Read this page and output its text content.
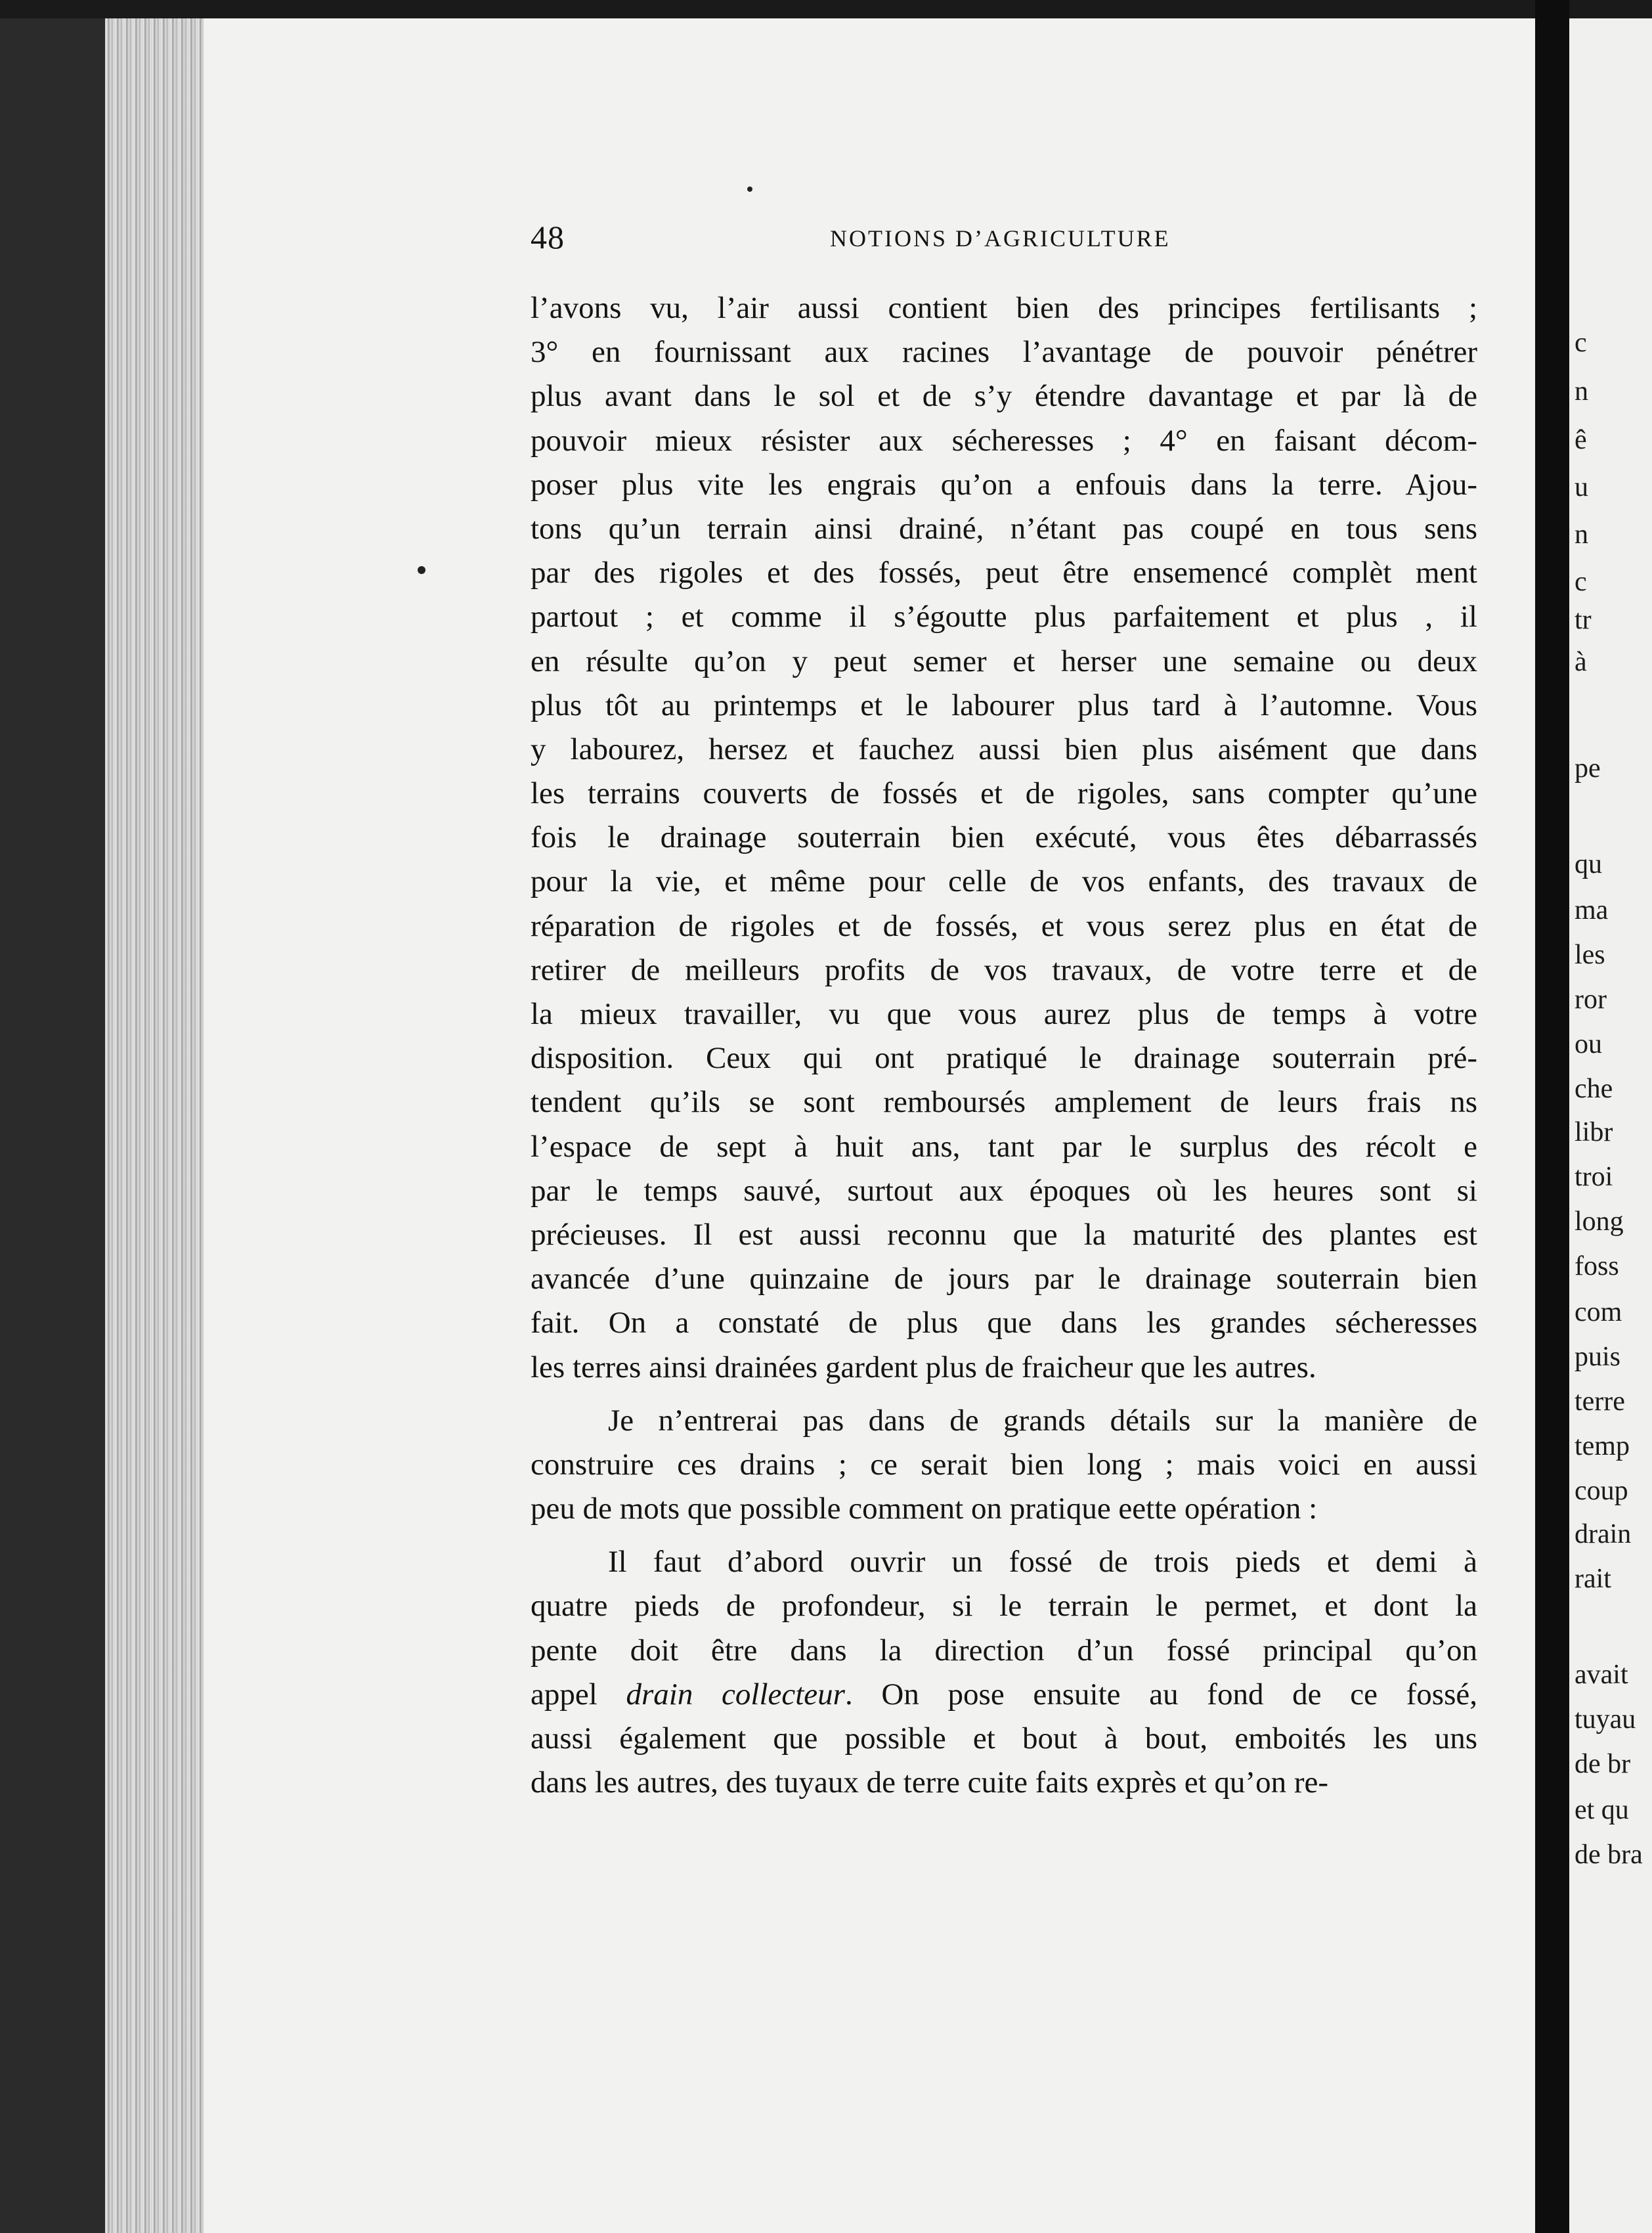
48	NOTIONS D’AGRICULTURE
l’avons vu, l’air aussi contient bien des principes fertilisants ;
3° en fournissant aux racines l’avantage de pouvoir pénétrer
plus avant dans le sol et de s’y étendre davantage et par là de
pouvoir mieux résister aux sécheresses ; 4° en faisant décom-
poser plus vite les engrais qu’on a enfouis dans la terre. Ajou-
tons qu’un terrain ainsi drainé, n’étant pas coupé en tous sens
par des rigoles et des fossés, peut être ensemencé complèt ment
partout ; et comme il s’égoutte plus parfaitement et plus , il
en résulte qu’on y peut semer et herser une semaine ou deux
plus tôt au printemps et le labourer plus tard à l’automne. Vous
y labourez, hersez et fauchez aussi bien plus aisément que dans
les terrains couverts de fossés et de rigoles, sans compter qu’une
fois le drainage souterrain bien exécuté, vous êtes débarrassés
pour la vie, et même pour celle de vos enfants, des travaux de
réparation de rigoles et de fossés, et vous serez plus en état de
retirer de meilleurs profits de vos travaux, de votre terre et de
la mieux travailler, vu que vous aurez plus de temps à votre
disposition. Ceux qui ont pratiqué le drainage souterrain pré-
tendent qu’ils se sont remboursés amplement de leurs frais ns
l’espace de sept à huit ans, tant par le surplus des récolt e
par le temps sauvé, surtout aux époques où les heures sont si
précieuses. Il est aussi reconnu que la maturité des plantes est
avancée d’une quinzaine de jours par le drainage souterrain bien
fait. On a constaté de plus que dans les grandes sécheresses
les terres ainsi drainées gardent plus de fraicheur que les autres.
Je n’entrerai pas dans de grands détails sur la manière de
construire ces drains ; ce serait bien long ; mais voici en aussi
peu de mots que possible comment on pratique eette opération :
Il faut d’abord ouvrir un fossé de trois pieds et demi à
quatre pieds de profondeur, si le terrain le permet, et dont la
pente doit être dans la direction d’un fossé principal qu’on
appel drain collecteur. On pose ensuite au fond de ce fossé,
aussi également que possible et bout à bout, emboités les uns
dans les autres, des tuyaux de terre cuite faits exprès et qu’on re-
c
n
ê
u
n
c
tr
à
pe
qu
ma
les
ror
ou
che
libr
troi
long
foss
com
puis
terre
temp
coup
drain
rait
avait
tuyau
de br
et qu
de bra
